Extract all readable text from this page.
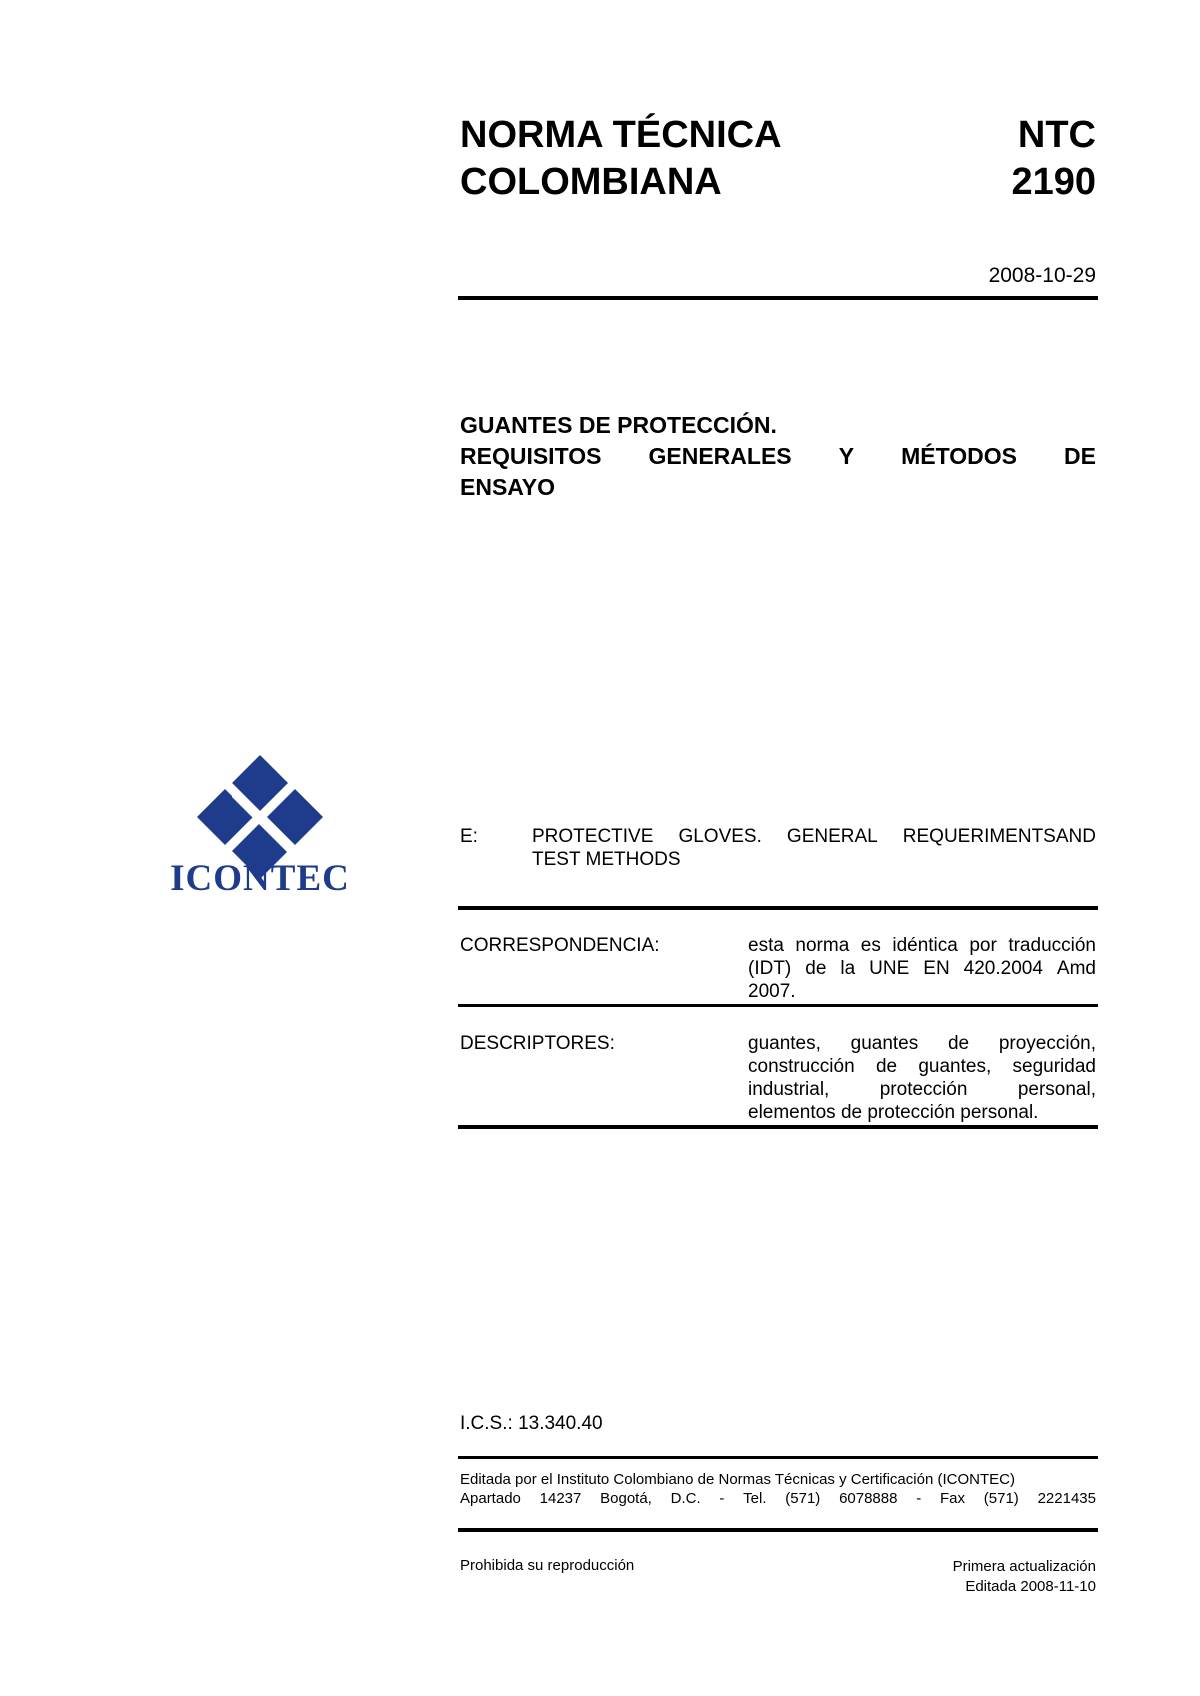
NORMA TÉCNICA
COLOMBIANA
NTC
2190
2008-10-29
GUANTES DE PROTECCIÓN.
REQUISITOS GENERALES Y MÉTODOS DE
ENSAYO
ICONTEC
E:	PROTECTIVE GLOVES. GENERAL REQUERIMENTSAND
TEST METHODS
CORRESPONDENCIA:	esta norma es idéntica por traducción
(IDT) de la UNE EN 420.2004 Amd
2007.
DESCRIPTORES:	guantes, guantes de proyección,
construcción de guantes, seguridad
industrial,	protección	personal,
elementos de protección personal.
I.C.S.: 13.340.40
Editada por el Instituto Colombiano de Normas Técnicas y Certificación (ICONTEC)
Apartado 14237 Bogotá, D.C. - Tel. (571) 6078888 - Fax (571) 2221435
Prohibida su reproducción	Primera actualización
Editada 2008-11-10
